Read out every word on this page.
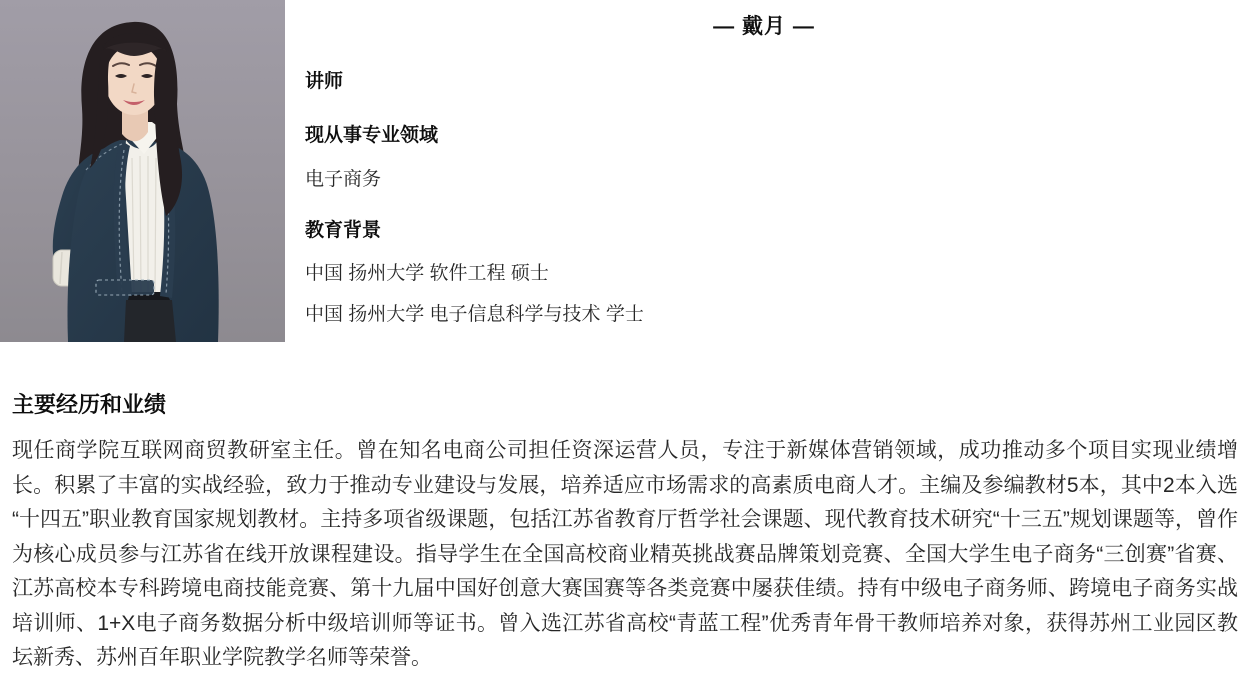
— 戴月 —
讲师
现从事专业领域
电子商务
教育背景
中国 扬州大学 软件工程 硕士
中国 扬州大学 电子信息科学与技术 学士
主要经历和业绩

现任商学院互联网商贸教研室主任。曾在知名电商公司担任资深运营人员，专注于新媒体营销领域，成功推动多个项目实现业绩增长。积累了丰富的实战经验，致力于推动专业建设与发展，培养适应市场需求的高素质电商人才。主编及参编教材5本，其中2本入选“十四五”职业教育国家规划教材。主持多项省级课题，包括江苏省教育厅哲学社会课题、现代教育技术研究“十三五”规划课题等，曾作为核心成员参与江苏省在线开放课程建设。指导学生在全国高校商业精英挑战赛品牌策划竞赛、全国大学生电子商务“三创赛”省赛、江苏高校本专科跨境电商技能竞赛、第十九届中国好创意大赛国赛等各类竞赛中屡获佳绩。持有中级电子商务师、跨境电子商务实战培训师、1+X电子商务数据分析中级培训师等证书。曾入选江苏省高校“青蓝工程”优秀青年骨干教师培养对象，获得苏州工业园区教坛新秀、苏州百年职业学院教学名师等荣誉。
